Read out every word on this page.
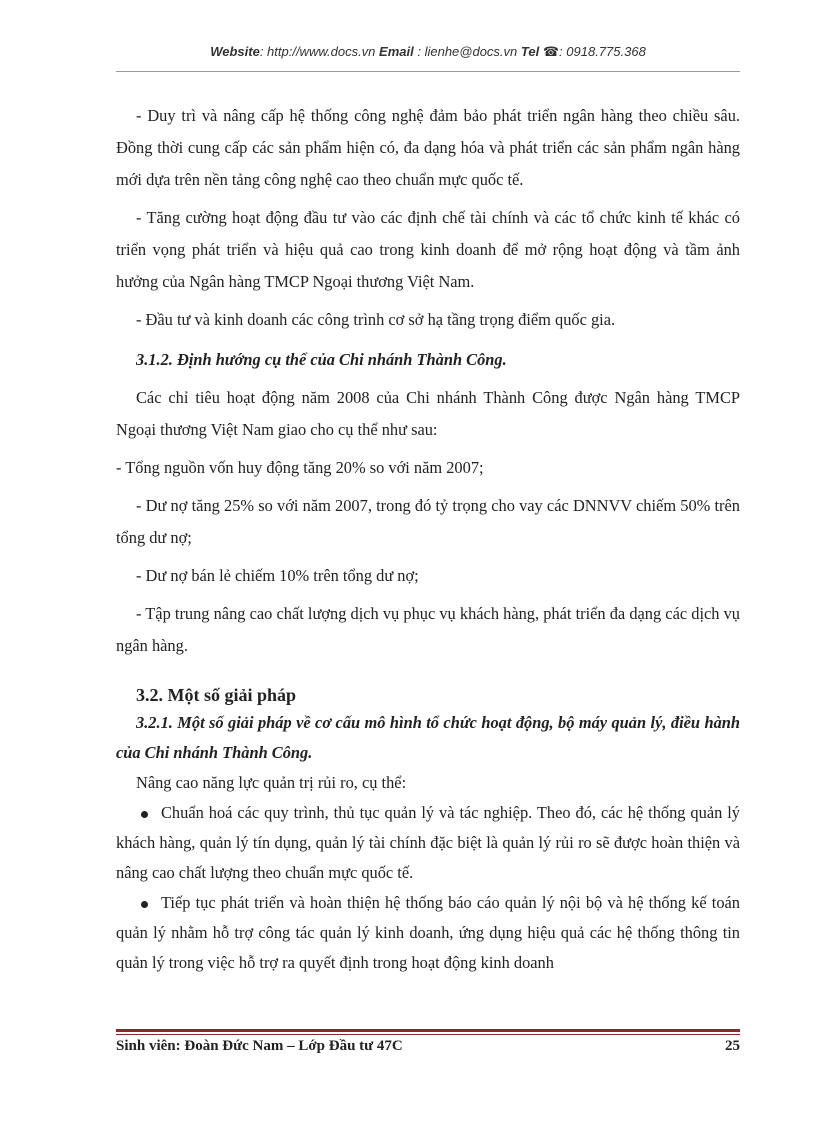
Website: http://www.docs.vn Email : lienhe@docs.vn Tel ☎: 0918.775.368

- Duy trì và nâng cấp hệ thống công nghệ đảm bảo phát triển ngân hàng theo chiều sâu. Đồng thời cung cấp các sản phẩm hiện có, đa dạng hóa và phát triển các sản phẩm ngân hàng mới dựa trên nền tảng công nghệ cao theo chuẩn mực quốc tế.

- Tăng cường hoạt động đầu tư vào các định chế tài chính và các tổ chức kinh tế khác có triển vọng phát triển và hiệu quả cao trong kinh doanh để mở rộng hoạt động và tầm ảnh hưởng của Ngân hàng TMCP Ngoại thương Việt Nam.

- Đầu tư và kinh doanh các công trình cơ sở hạ tầng trọng điểm quốc gia.

3.1.2. Định hướng cụ thể của Chi nhánh Thành Công.

Các chỉ tiêu hoạt động năm 2008 của Chi nhánh Thành Công được Ngân hàng TMCP Ngoại thương Việt Nam giao cho cụ thể như sau:

- Tổng nguồn vốn huy động tăng 20% so với năm 2007;

- Dư nợ tăng 25% so với năm 2007, trong đó tỷ trọng cho vay các DNNVV chiếm 50% trên tổng dư nợ;

- Dư nợ bán lẻ chiếm 10% trên tổng dư nợ;

- Tập trung nâng cao chất lượng dịch vụ phục vụ khách hàng, phát triển đa dạng các dịch vụ ngân hàng.

3.2. Một số giải pháp
3.2.1. Một số giải pháp về cơ cấu mô hình tổ chức hoạt động, bộ máy quản lý, điều hành của Chi nhánh Thành Công.

Nâng cao năng lực quản trị rủi ro, cụ thể:

Chuẩn hoá các quy trình, thủ tục quản lý và tác nghiệp. Theo đó, các hệ thống quản lý khách hàng, quản lý tín dụng, quản lý tài chính đặc biệt là quản lý rủi ro sẽ được hoàn thiện và nâng cao chất lượng theo chuẩn mực quốc tế.

Tiếp tục phát triển và hoàn thiện hệ thống báo cáo quản lý nội bộ và hệ thống kế toán quản lý nhằm hỗ trợ công tác quản lý kinh doanh, ứng dụng hiệu quả các hệ thống thông tin quản lý trong việc hỗ trợ ra quyết định trong hoạt động kinh doanh

Sinh viên: Đoàn Đức Nam – Lớp Đầu tư 47C	25
